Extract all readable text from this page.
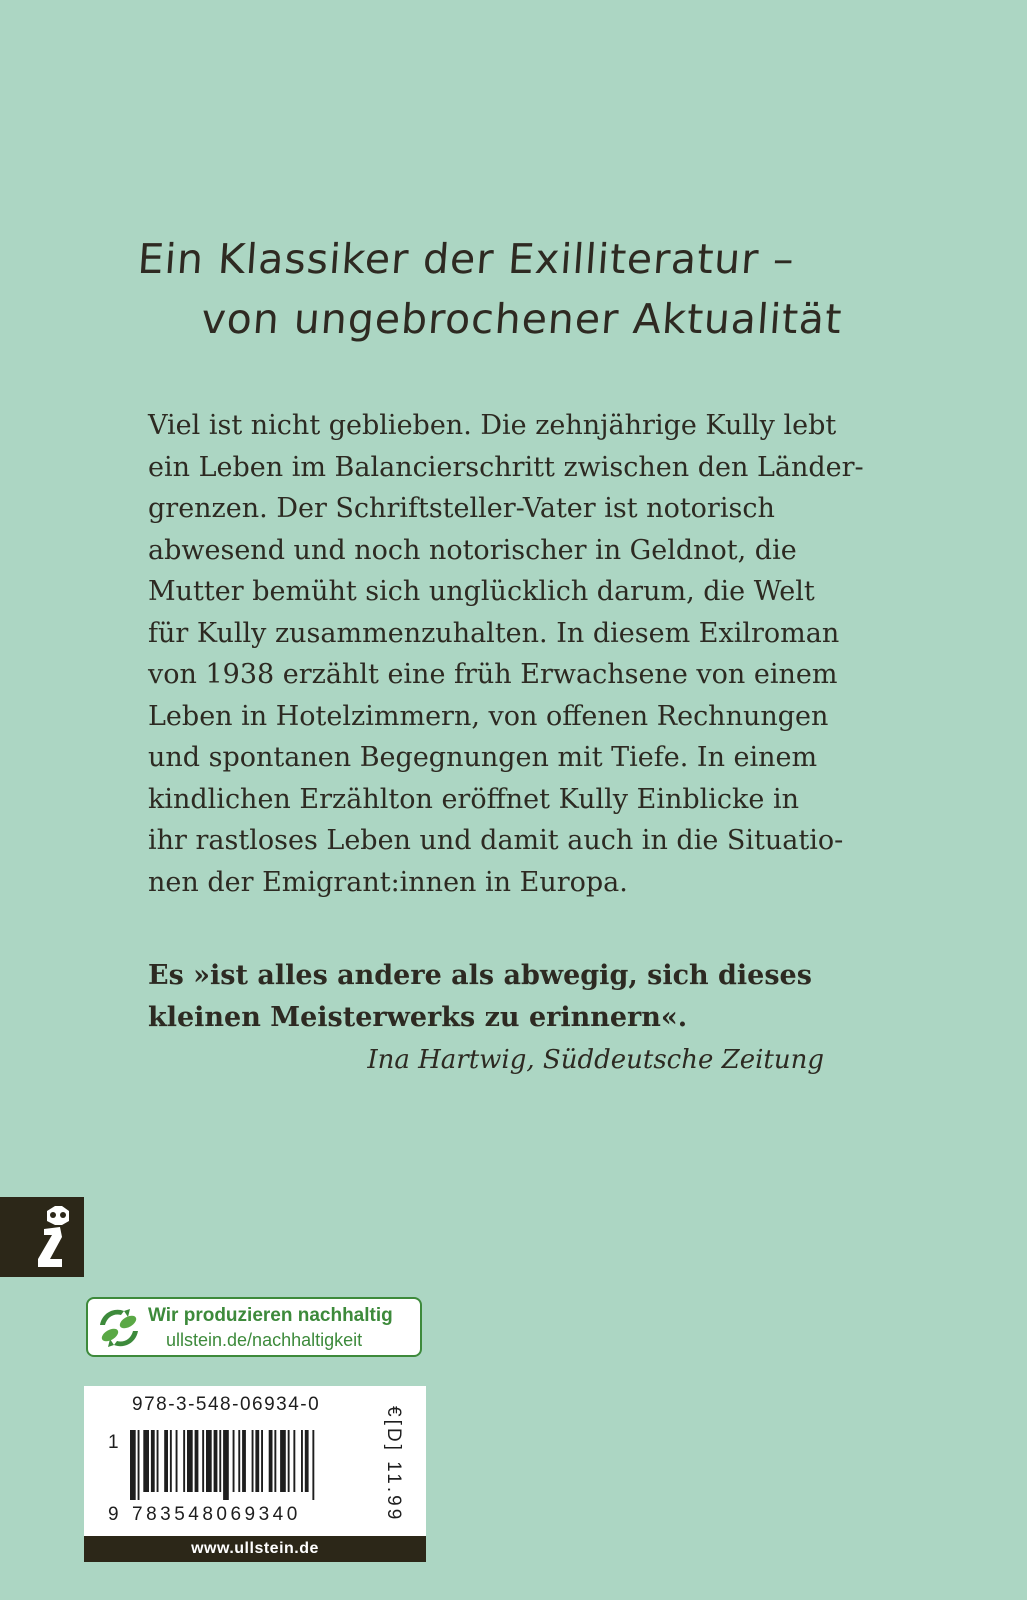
Ein Klassiker der Exilliteratur –
von ungebrochener Aktualität
Viel ist nicht geblieben. Die zehnjährige Kully lebt
ein Leben im Balancierschritt zwischen den Länder-
grenzen. Der Schriftsteller-Vater ist notorisch
abwesend und noch notorischer in Geldnot, die
Mutter bemüht sich unglücklich darum, die Welt
für Kully zusammenzuhalten. In diesem Exilroman
von 1938 erzählt eine früh Erwachsene von einem
Leben in Hotelzimmern, von offenen Rechnungen
und spontanen Begegnungen mit Tiefe. In einem
kindlichen Erzählton eröffnet Kully Einblicke in
ihr rastloses Leben und damit auch in die Situatio-
nen der Emigrant:innen in Europa.
Es »ist alles andere als abwegig, sich dieses
kleinen Meisterwerks zu erinnern«.
Ina Hartwig, Süddeutsche Zeitung
Wir produzieren nachhaltig
ullstein.de/nachhaltigkeit
978-3-548-06934-0
1
9 783548069340	€[D] 11.99
www.ullstein.de
